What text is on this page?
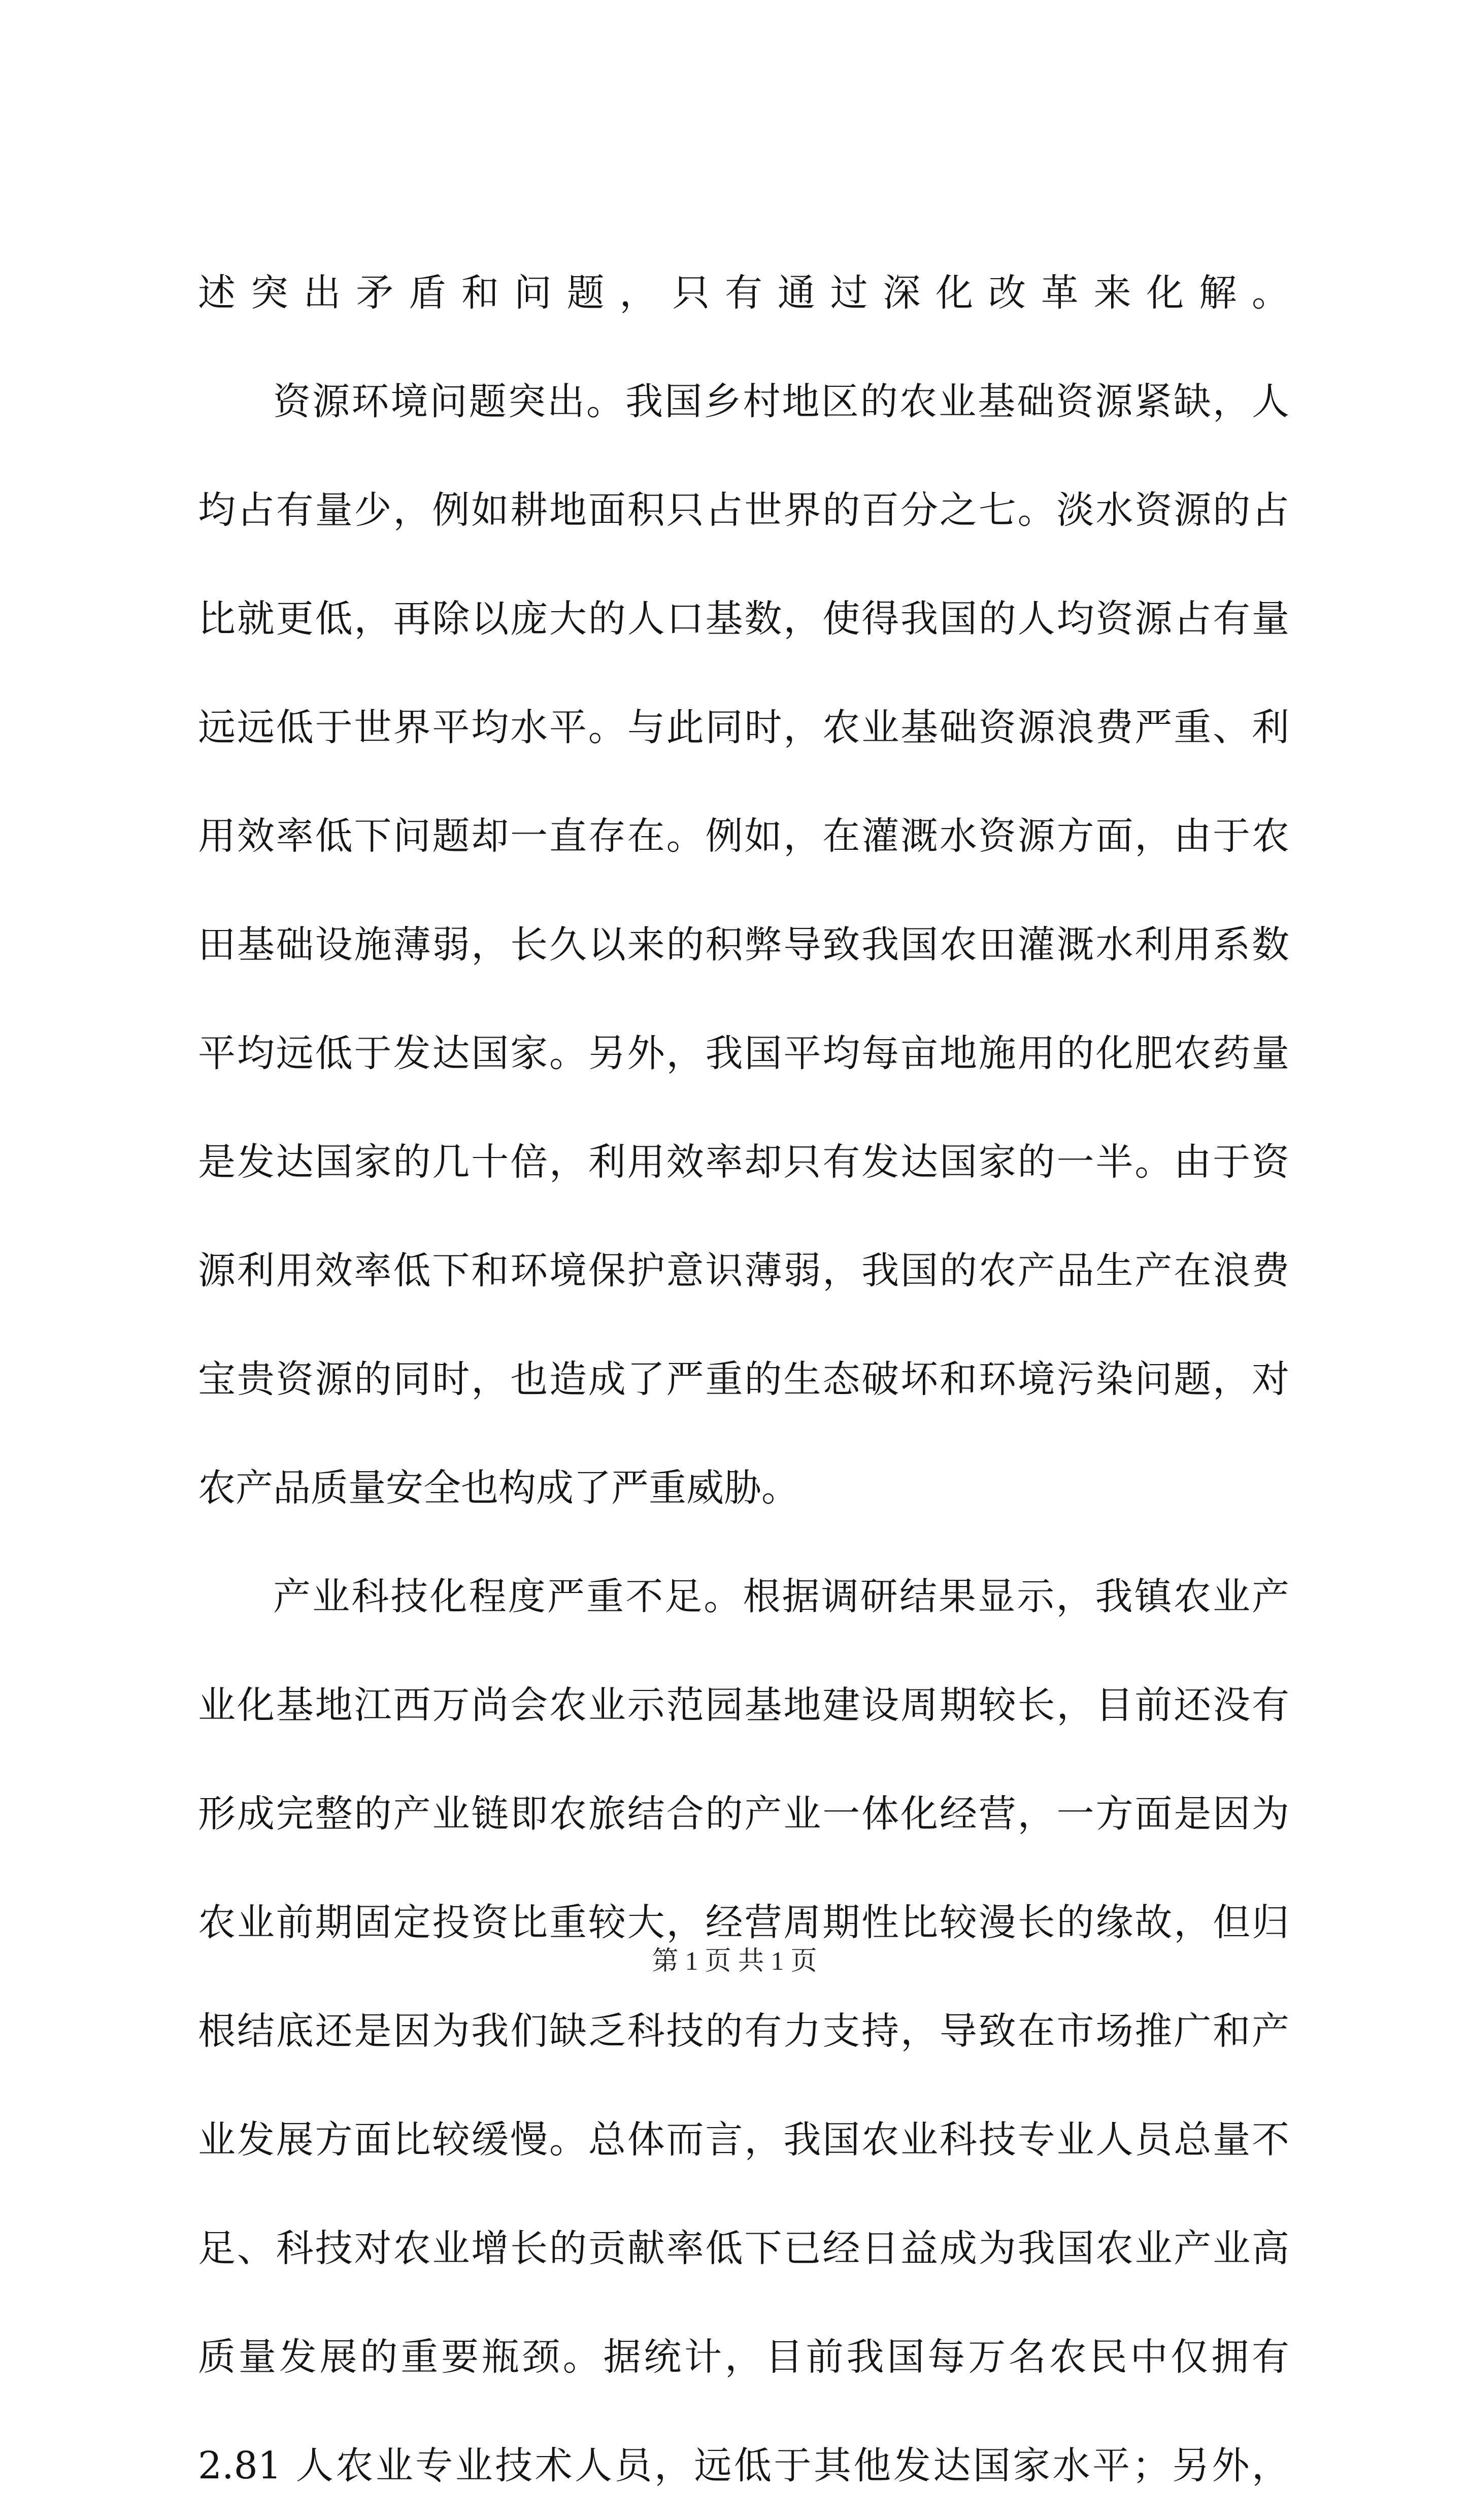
述突出矛盾和问题，只有通过深化改革来化解。
资源环境问题突出。我国乡村地区的农业基础资源紧缺，人
均占有量少，例如耕地面积只占世界的百分之七。淡水资源的占
比就更低，再除以庞大的人口基数，使得我国的人均资源占有量
远远低于世界平均水平。与此同时，农业基础资源浪费严重、利
用效率低下问题却一直存在。例如，在灌溉水资源方面，由于农
田基础设施薄弱，长久以来的积弊导致我国农田灌溉水利用系数
平均远低于发达国家。另外，我国平均每亩地施用的化肥农药量
是发达国家的几十倍，利用效率却只有发达国家的一半。由于资
源利用效率低下和环境保护意识薄弱，我国的农产品生产在浪费
宝贵资源的同时，也造成了严重的生态破坏和环境污染问题，对
农产品质量安全也构成了严重威胁。
产业科技化程度严重不足。根据调研结果显示，我镇农业产
业化基地江西万尚会农业示范园基地建设周期较长，目前还没有
形成完整的产业链即农旅结合的产业一体化经营，一方面是因为
农业前期固定投资比重较大，经营周期性比较漫长的缘故，但归
根结底还是因为我们缺乏科技的有力支持，导致在市场推广和产
业发展方面比较缓慢。总体而言，我国农业科技专业人员总量不
足、科技对农业增长的贡献率低下已经日益成为我国农业产业高
质量发展的重要瓶颈。据统计，目前我国每万名农民中仅拥有
2.81 人农业专业技术人员，远低于其他发达国家水平；另外，
第 1 页 共 1 页
